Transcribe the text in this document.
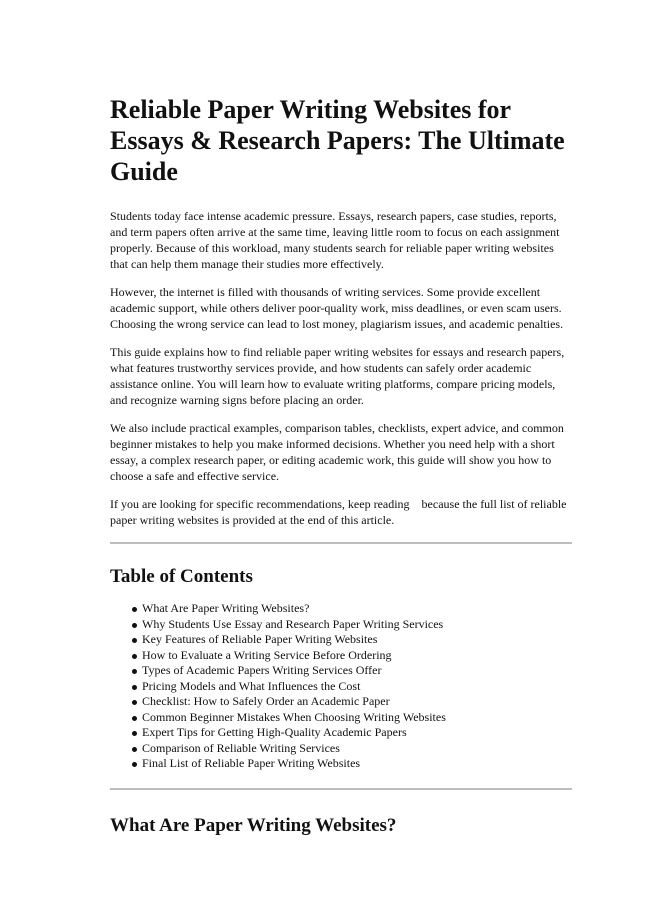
Reliable Paper Writing Websites for Essays & Research Papers: The Ultimate Guide

Students today face intense academic pressure. Essays, research papers, case studies, reports, and term papers often arrive at the same time, leaving little room to focus on each assignment properly. Because of this workload, many students search for reliable paper writing websites that can help them manage their studies more effectively.

However, the internet is filled with thousands of writing services. Some provide excellent academic support, while others deliver poor-quality work, miss deadlines, or even scam users. Choosing the wrong service can lead to lost money, plagiarism issues, and academic penalties.

This guide explains how to find reliable paper writing websites for essays and research papers, what features trustworthy services provide, and how students can safely order academic assistance online. You will learn how to evaluate writing platforms, compare pricing models, and recognize warning signs before placing an order.

We also include practical examples, comparison tables, checklists, expert advice, and common beginner mistakes to help you make informed decisions. Whether you need help with a short essay, a complex research paper, or editing academic work, this guide will show you how to choose a safe and effective service.

If you are looking for specific recommendations, keep reading    because the full list of reliable paper writing websites is provided at the end of this article.

Table of Contents
What Are Paper Writing Websites?
Why Students Use Essay and Research Paper Writing Services
Key Features of Reliable Paper Writing Websites
How to Evaluate a Writing Service Before Ordering
Types of Academic Papers Writing Services Offer
Pricing Models and What Influences the Cost
Checklist: How to Safely Order an Academic Paper
Common Beginner Mistakes When Choosing Writing Websites
Expert Tips for Getting High-Quality Academic Papers
Comparison of Reliable Writing Services
Final List of Reliable Paper Writing Websites
What Are Paper Writing Websites?
